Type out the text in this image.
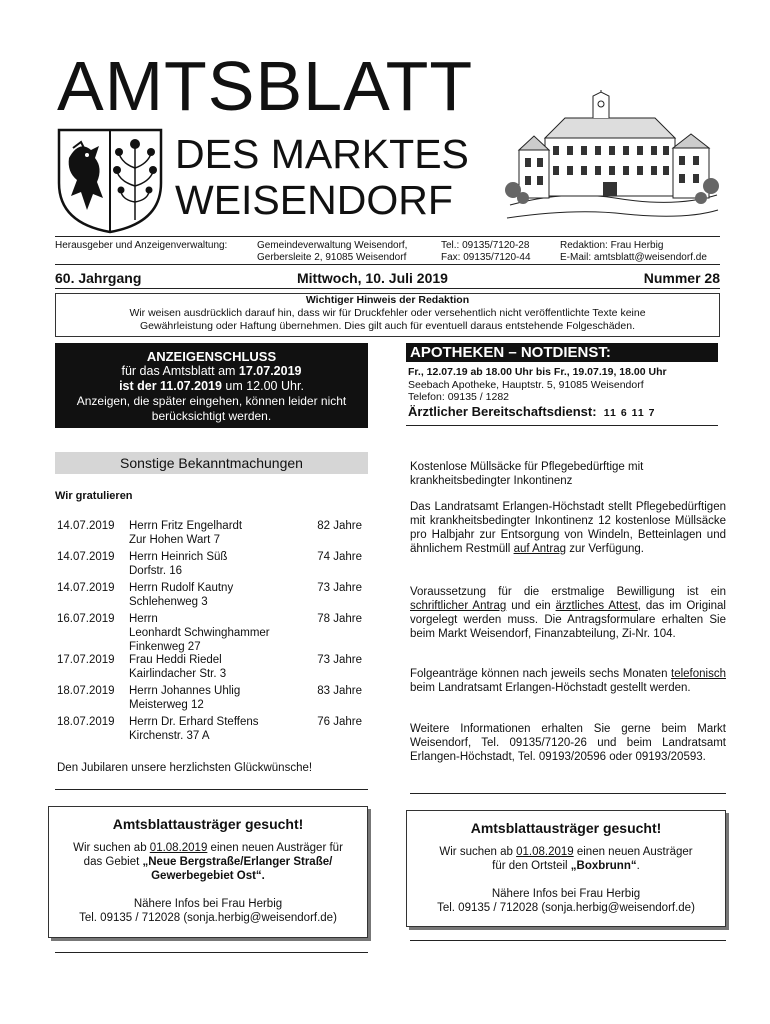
AMTSBLATT
DES MARKTES
WEISENDORF
Herausgeber und Anzeigenverwaltung:	Gemeindeverwaltung Weisendorf,
Gerbersleite 2, 91085 Weisendorf
Tel.: 09135/7120-28
Fax: 09135/7120-44
Redaktion: Frau Herbig
E-Mail: amtsblatt@weisendorf.de
60. Jahrgang	Mittwoch, 10. Juli 2019	Nummer 28
Wichtiger Hinweis der Redaktion
Wir weisen ausdrücklich darauf hin, dass wir für Druckfehler oder versehentlich nicht veröffentlichte Texte keine
Gewährleistung oder Haftung übernehmen. Dies gilt auch für eventuell daraus entstehende Folgeschäden.
ANZEIGENSCHLUSS
für das Amtsblatt am 17.07.2019
ist der 11.07.2019 um 12.00 Uhr.
Anzeigen, die später eingehen, können leider nicht
berücksichtigt werden.
APOTHEKEN – NOTDIENST:
Fr., 12.07.19 ab 18.00 Uhr bis Fr., 19.07.19, 18.00 Uhr
Seebach Apotheke, Hauptstr. 5, 91085 Weisendorf
Telefon: 09135 / 1282
Ärztlicher Bereitschaftsdienst: 11 6 11 7
Sonstige Bekanntmachungen
Wir gratulieren
14.07.2019	Herrn Fritz Engelhardt
Zur Hohen Wart 7
82 Jahre
14.07.2019	Herrn Heinrich Süß
Dorfstr. 16
74 Jahre
14.07.2019	Herrn Rudolf Kautny
Schlehenweg 3
73 Jahre
16.07.2019	Herrn
Leonhardt Schwinghammer
Finkenweg 27
78 Jahre
17.07.2019	Frau Heddi Riedel
Kairlindacher Str. 3
73 Jahre
18.07.2019	Herrn Johannes Uhlig
Meisterweg 12
83 Jahre
18.07.2019	Herrn Dr. Erhard Steffens
Kirchenstr. 37 A
76 Jahre
Den Jubilaren unsere herzlichsten Glückwünsche!
Kostenlose Müllsäcke für Pflegebedürftige mit
krankheitsbedingter Inkontinenz
Das Landratsamt Erlangen-Höchstadt stellt Pflegebedürftigen mit krankheitsbedingter Inkontinenz 12 kostenlose Müllsäcke pro Halbjahr zur Entsorgung von Windeln, Betteinlagen und ähnlichem Restmüll auf Antrag zur Verfügung.
Voraussetzung für die erstmalige Bewilligung ist ein schriftlicher Antrag und ein ärztliches Attest, das im Original vorgelegt werden muss. Die Antragsformulare erhalten Sie beim Markt Weisendorf, Finanzabteilung, Zi-Nr. 104.
Folgeanträge können nach jeweils sechs Monaten telefonisch beim Landratsamt Erlangen-Höchstadt gestellt werden.
Weitere Informationen erhalten Sie gerne beim Markt Weisendorf, Tel. 09135/7120-26 und beim Landratsamt Erlangen-Höchstadt, Tel. 09193/20596 oder 09193/20593.
Amtsblattausträger gesucht!
Wir suchen ab 01.08.2019 einen neuen Austräger für
das Gebiet „Neue Bergstraße/Erlanger Straße/
Gewerbegebiet Ost“.
Nähere Infos bei Frau Herbig
Tel. 09135 / 712028 (sonja.herbig@weisendorf.de)
Amtsblattausträger gesucht!
Wir suchen ab 01.08.2019 einen neuen Austräger
für den Ortsteil „Boxbrunn“.
Nähere Infos bei Frau Herbig
Tel. 09135 / 712028 (sonja.herbig@weisendorf.de)
